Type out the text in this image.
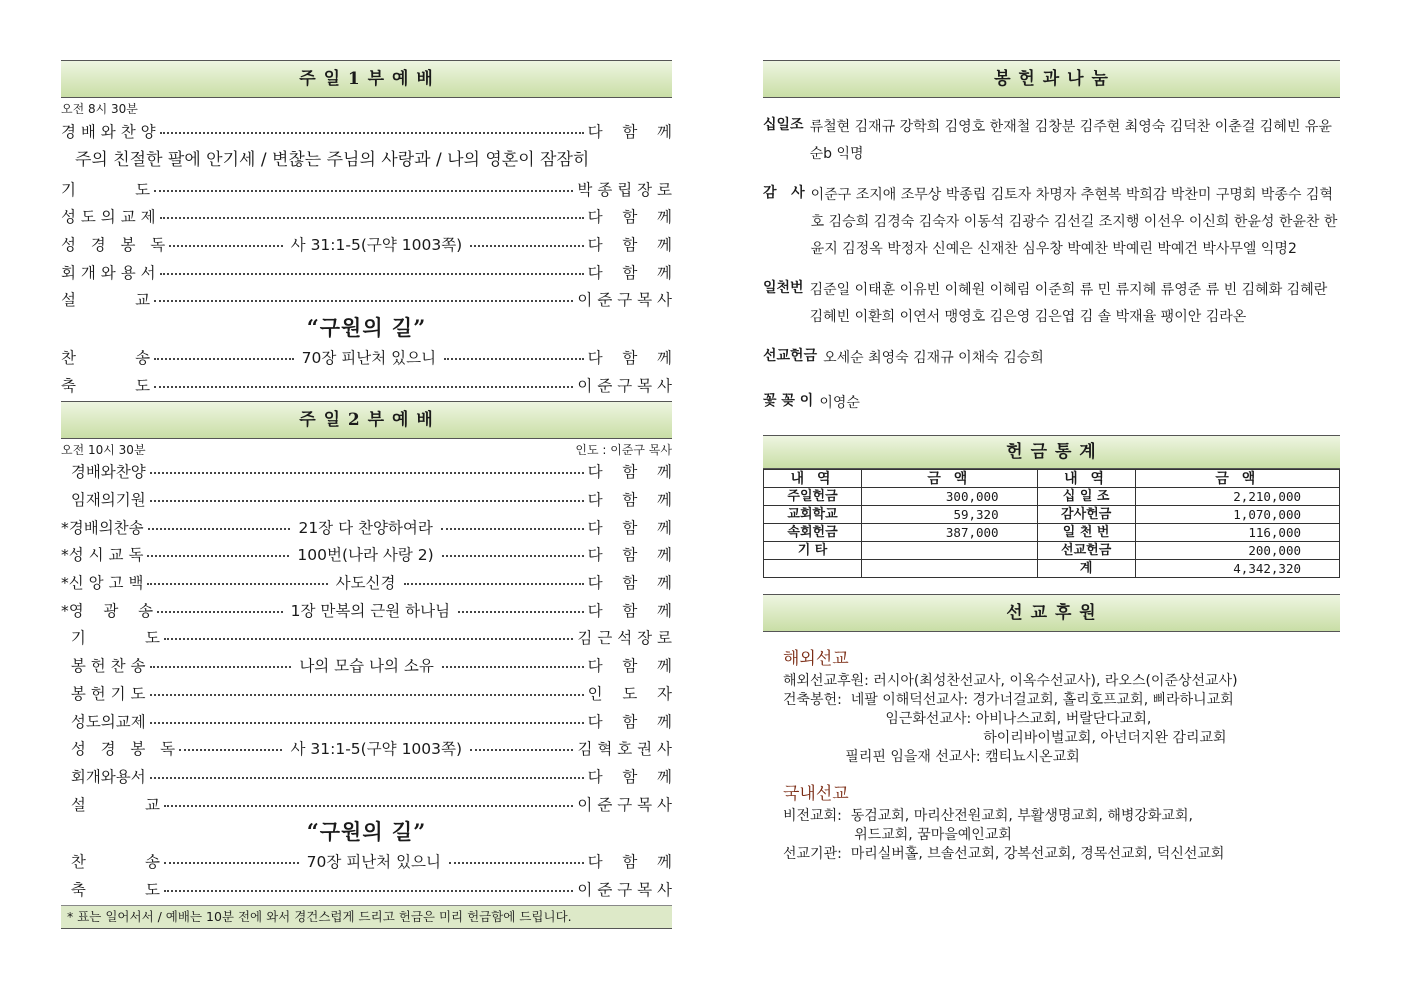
주 일 1 부 예 배
오전 8시 30분
경 배 와 찬 양	다    함    께
주의 친절한 팔에 안기세 / 변찮는 주님의 사랑과 / 나의 영혼이 잠잠히
기            도	박 종 립 장 로
성 도 의 교 제	다    함    께
성   경   봉   독	사 31:1-5(구약 1003쪽)	다    함    께
회 개 와 용 서	다    함    께
설            교	이 준 구 목 사
“구원의 길”
찬            송	70장 피난처 있으니	다    함    께
축            도	이 준 구 목 사
주 일 2 부 예 배
오전 10시 30분	인도 : 이준구 목사
경배와찬양	다    함    께
임재의기원	다    함    께
*경배의찬송	21장 다 찬양하여라	다    함    께
*성 시 교 독	100번(나라 사랑 2)	다    함    께
*신 앙 고 백	사도신경	다    함    께
*영    광    송	1장 만복의 근원 하나님	다    함    께
기            도	김 근 석 장 로
봉 헌 찬 송	나의 모습 나의 소유	다    함    께
봉 헌 기 도	인    도    자
성도의교제	다    함    께
성   경   봉   독	사 31:1-5(구약 1003쪽)	김 혁 호 권 사
회개와용서	다    함    께
설            교	이 준 구 목 사
“구원의 길”
찬            송	70장 피난처 있으니	다    함    께
축            도	이 준 구 목 사
* 표는 일어서서 / 예배는 10분 전에 와서 경건스럽게 드리고 헌금은 미리 헌금함에 드립니다.
봉 헌 과 나 눔
십일조 류철현 김재규 강학희 김영호 한재철 김창분 김주현 최영숙 김덕찬 이춘걸 김혜빈 유윤순b 익명
감   사 이준구 조지애 조무상 박종립 김토자 차명자 추현복 박희감 박찬미 구명회 박종수 김혁호 김승희 김경숙 김숙자 이동석 김광수 김선길 조지행 이선우 이신희 한윤성 한윤찬 한윤지 김정옥 박정자 신예은 신재찬 심우창 박예찬 박예린 박예건 박사무엘 익명2
일천번 김준일 이태훈 이유빈 이혜원 이혜림 이준희 류 민 류지혜 류영준 류 빈 김혜화 김혜란 김혜빈 이환희 이연서 맹영호 김은영 김은엽 김 솔 박재율 팽이안 김라온
선교헌금 오세순 최영숙 김재규 이채숙 김승희
꽃 꽂 이 이영순
헌 금 통 계
내 역	금 액	내 역	금 액
주일헌금	300,000	십 일 조	2,210,000
교회학교	59,320	감사헌금	1,070,000
속회헌금	387,000	일 천 번	116,000
기 타		선교헌금	200,000
		계	4,342,320
선 교 후 원
해외선교
해외선교후원: 러시아(최성찬선교사, 이옥수선교사), 라오스(이준상선교사)
건축봉헌:  네팔 이해덕선교사: 경가너걸교회, 홀리호프교회, 삐라하니교회
임근화선교사: 아비나스교회, 버랄단다교회,
하이리바이벌교회, 아넌더지완 감리교회
필리핀 임을재 선교사: 캠티뇨시온교회
국내선교
비전교회:  동검교회, 마리산전원교회, 부활생명교회, 해병강화교회,
위드교회, 꿈마을예인교회
선교기관:  마리실버홀, 브솔선교회, 강복선교회, 경목선교회, 덕신선교회
